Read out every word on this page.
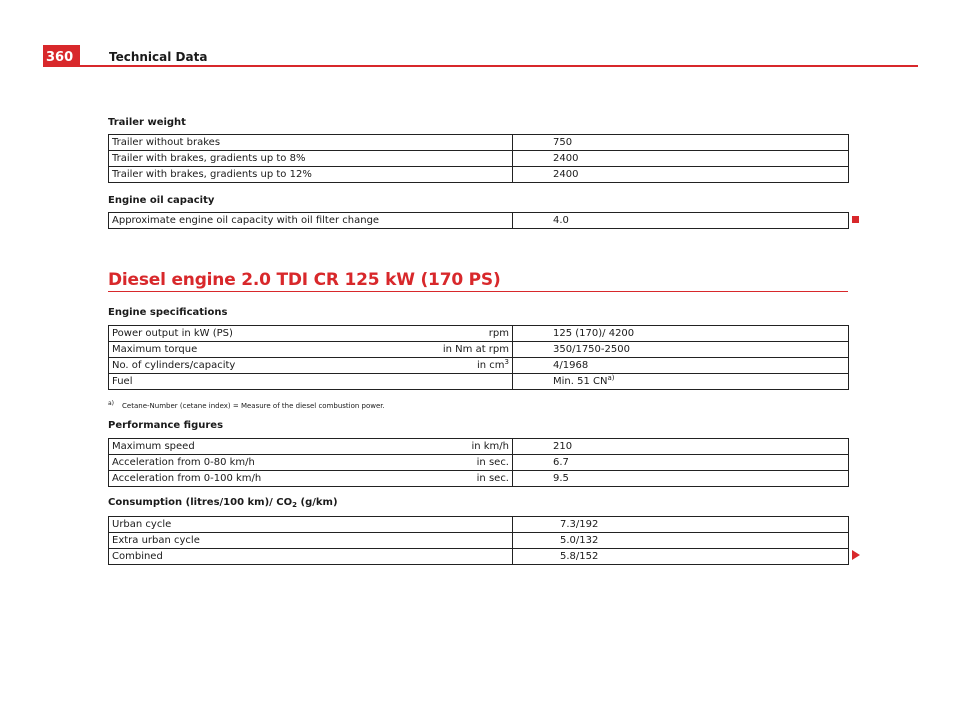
360	Technical Data
Trailer weight
Trailer without brakes	750
Trailer with brakes, gradients up to 8%	2400
Trailer with brakes, gradients up to 12%	2400
Engine oil capacity
Approximate engine oil capacity with oil filter change	4.0
Diesel engine 2.0 TDI CR 125 kW (170 PS)
Engine specifications
Power output in kW (PS)	rpm	125 (170)/ 4200
Maximum torque	in Nm at rpm	350/1750-2500
No. of cylinders/capacity	in $cm^3$	4/1968
Fuel		Min. 51 CN$^{a)}$
a) Cetane-Number (cetane index) = Measure of the diesel combustion power.
Performance figures
Maximum speed	in km/h	210
Acceleration from 0-80 km/h	in sec.	6.7
Acceleration from 0-100 km/h	in sec.	9.5
Consumption (litres/100 km)/ $CO_2$ (g/km)
Urban cycle	7.3/192
Extra urban cycle	5.0/132
Combined	5.8/152
